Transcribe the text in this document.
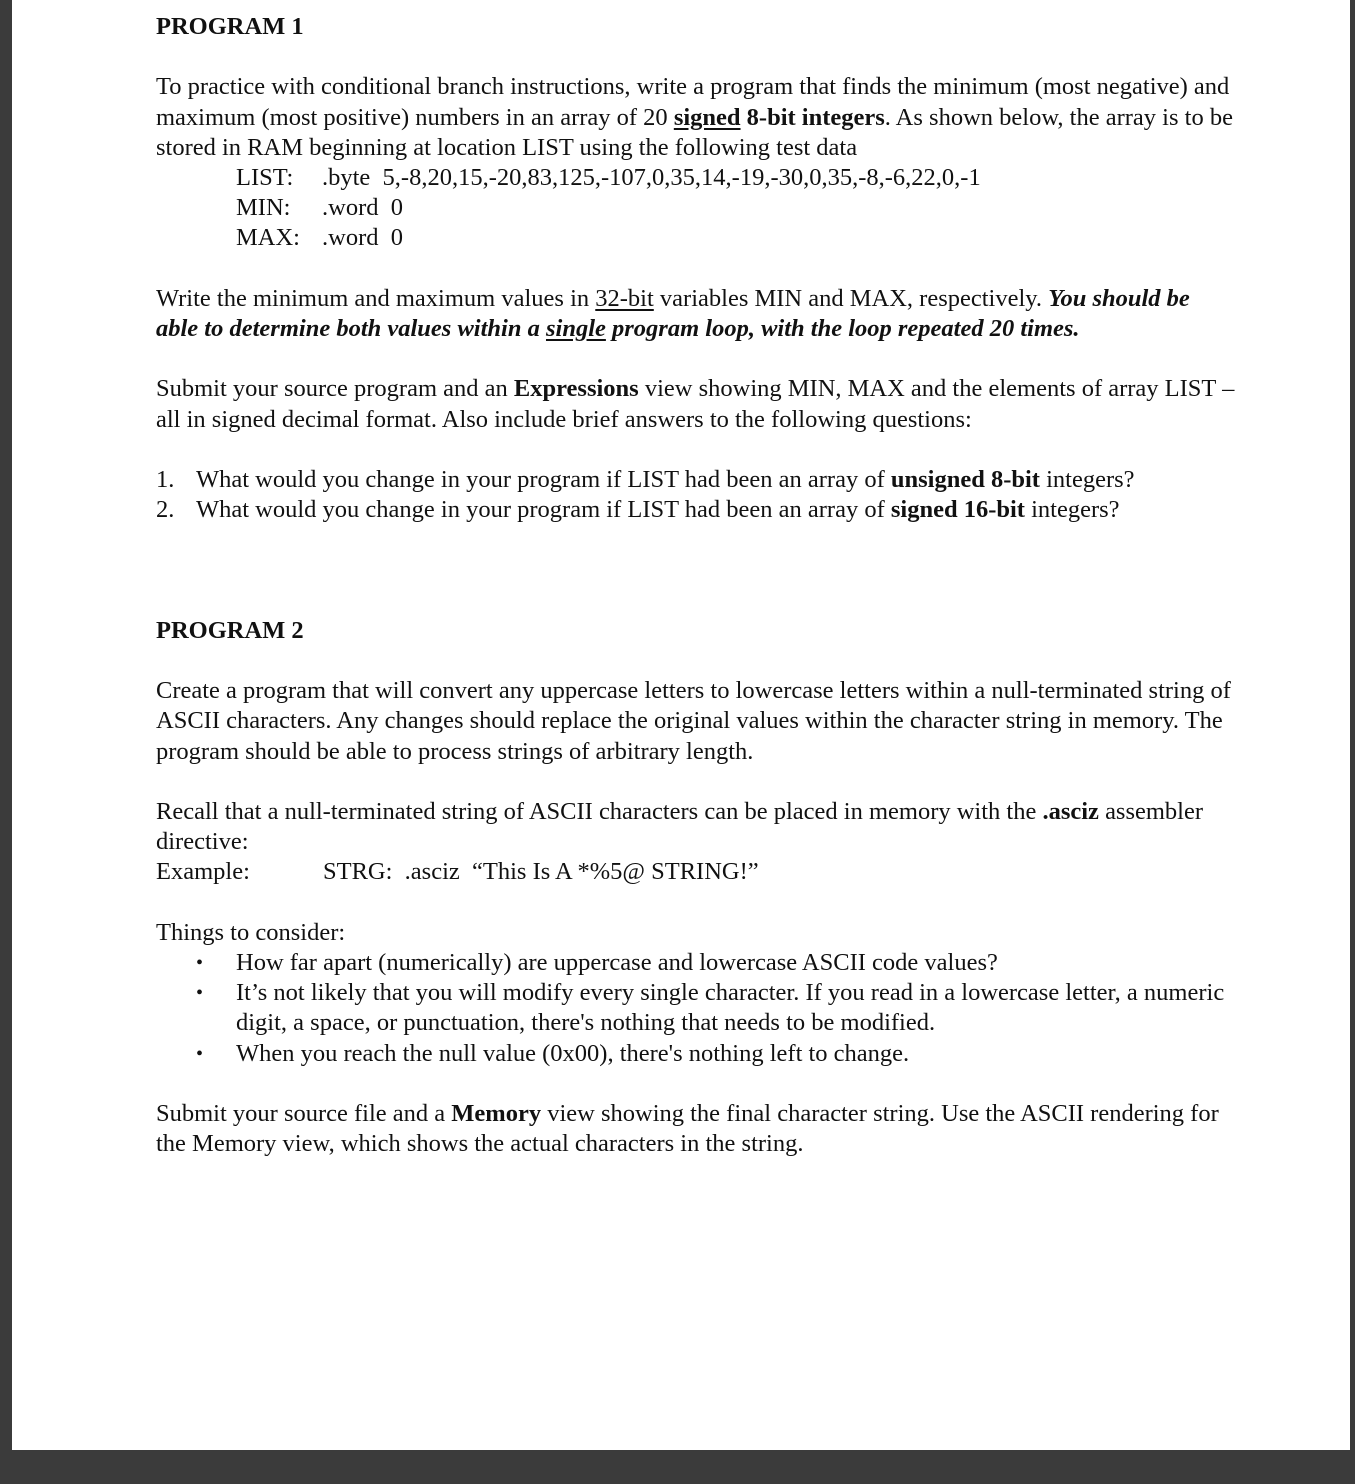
PROGRAM 1

To practice with conditional branch instructions, write a program that finds the minimum (most negative) and maximum (most positive) numbers in an array of 20 signed 8-bit integers. As shown below, the array is to be stored in RAM beginning at location LIST using the following test data

LIST: .byte  5,-8,20,15,-20,83,125,-107,0,35,14,-19,-30,0,35,-8,-6,22,0,-1
MIN: .word  0
MAX: .word  0

Write the minimum and maximum values in 32-bit variables MIN and MAX, respectively. You should be able to determine both values within a single program loop, with the loop repeated 20 times.

Submit your source program and an Expressions view showing MIN, MAX and the elements of array LIST – all in signed decimal format. Also include brief answers to the following questions:

1. What would you change in your program if LIST had been an array of unsigned 8-bit integers?
2. What would you change in your program if LIST had been an array of signed 16-bit integers?
PROGRAM 2

Create a program that will convert any uppercase letters to lowercase letters within a null-terminated string of ASCII characters. Any changes should replace the original values within the character string in memory. The program should be able to process strings of arbitrary length.

Recall that a null-terminated string of ASCII characters can be placed in memory with the .asciz assembler directive:

Example:	STRG:  .asciz  “This Is A *%5@ STRING!”

Things to consider:

• How far apart (numerically) are uppercase and lowercase ASCII code values?
• It’s not likely that you will modify every single character. If you read in a lowercase letter, a numeric digit, a space, or punctuation, there's nothing that needs to be modified.
• When you reach the null value (0x00), there's nothing left to change.

Submit your source file and a Memory view showing the final character string. Use the ASCII rendering for the Memory view, which shows the actual characters in the string.
